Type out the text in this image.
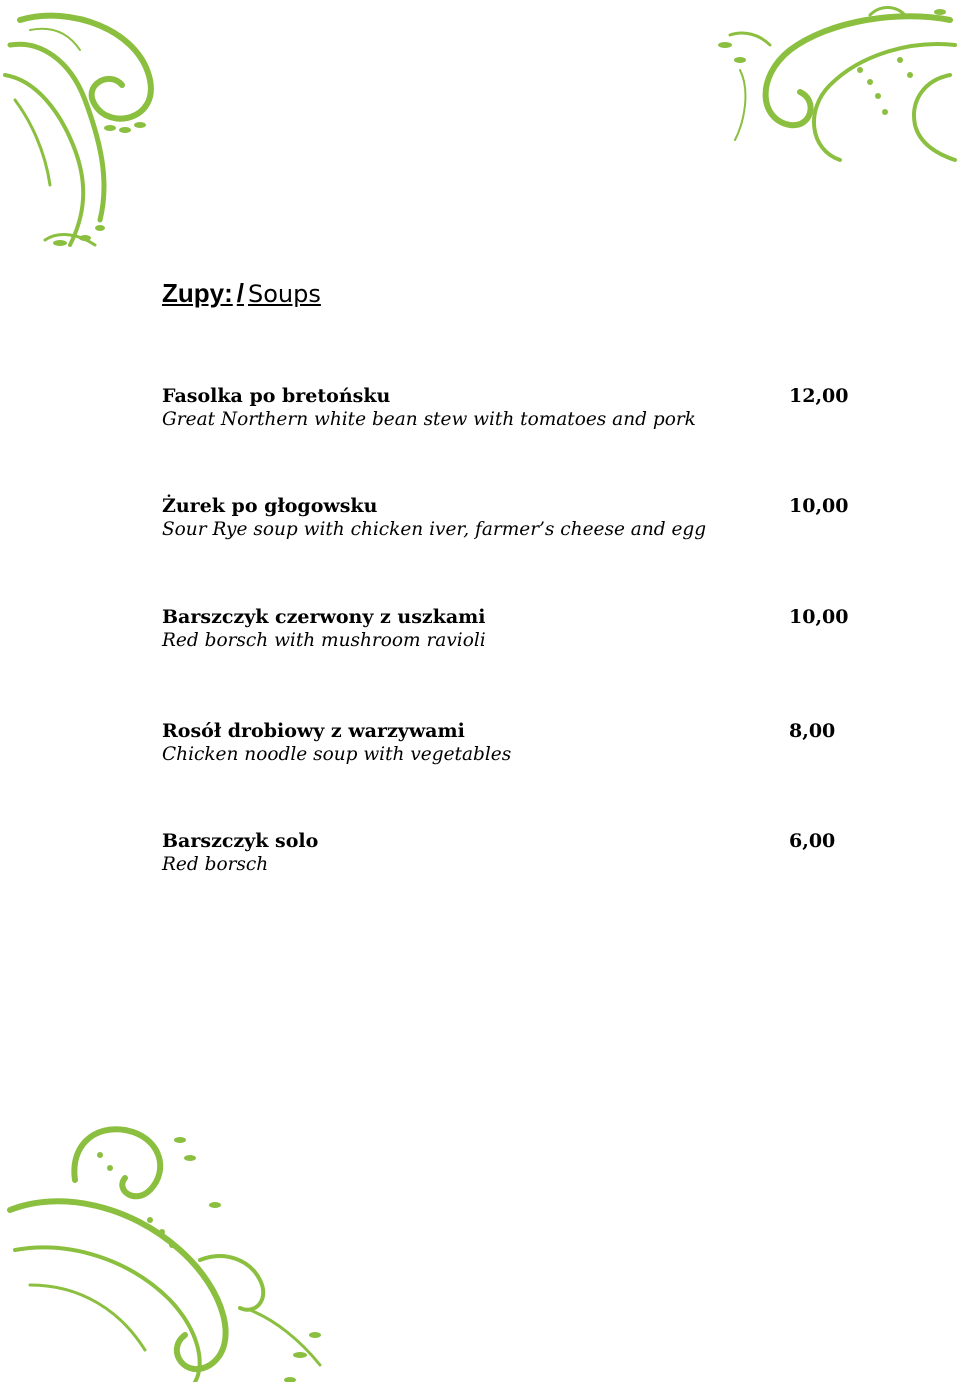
Zupy: / Soups
Fasolka po bretońsku	12,00
Great Northern white bean stew with tomatoes and pork
Żurek po głogowsku	10,00
Sour Rye soup with chicken iver, farmer’s cheese and egg
Barszczyk czerwony z uszkami	10,00
Red borsch with mushroom ravioli
Rosół drobiowy z warzywami	8,00
Chicken noodle soup with vegetables
Barszczyk solo	6,00
Red borsch
